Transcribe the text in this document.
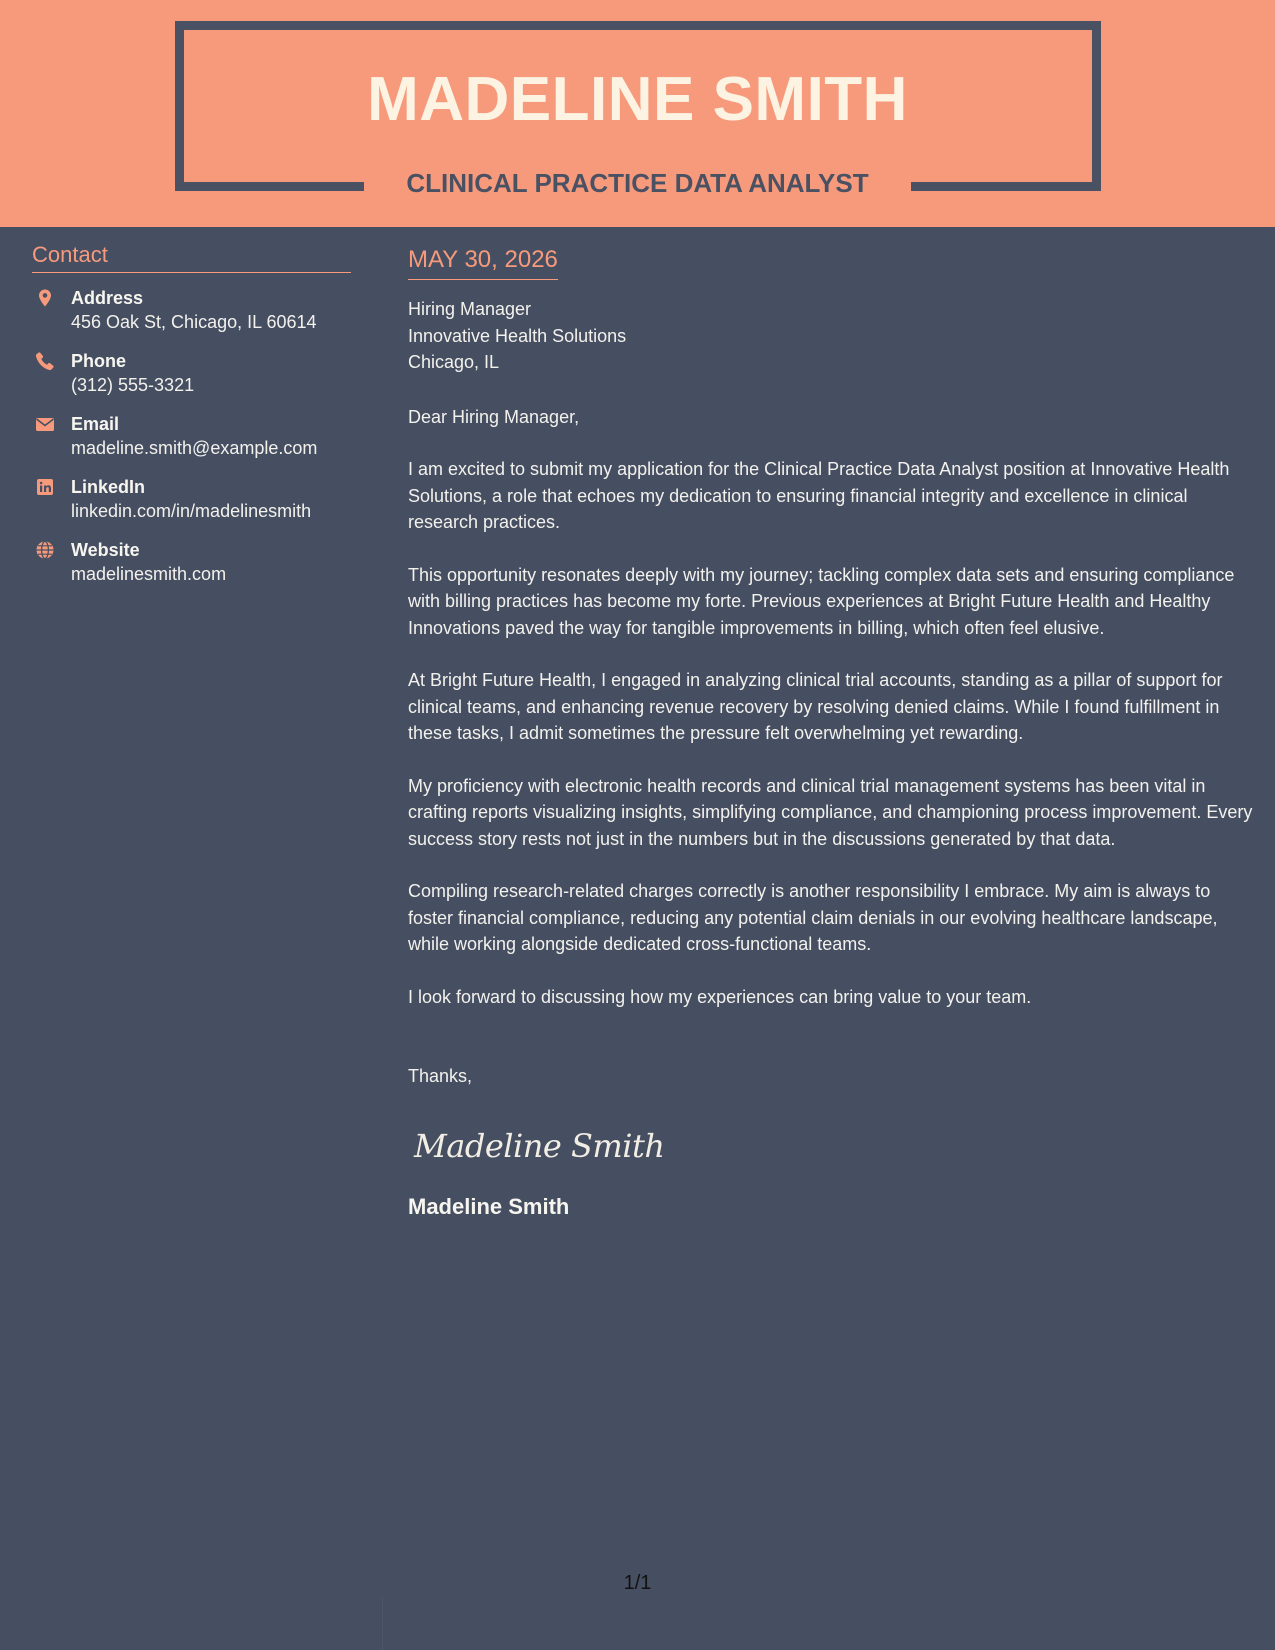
MADELINE SMITH
CLINICAL PRACTICE DATA ANALYST
Contact
Address
456 Oak St, Chicago, IL 60614
Phone
(312) 555-3321
Email
madeline.smith@example.com
LinkedIn
linkedin.com/in/madelinesmith
Website
madelinesmith.com
MAY 30, 2026
Hiring Manager
Innovative Health Solutions
Chicago, IL
Dear Hiring Manager,
I am excited to submit my application for the Clinical Practice Data Analyst position at Innovative Health Solutions, a role that echoes my dedication to ensuring financial integrity and excellence in clinical research practices.
This opportunity resonates deeply with my journey; tackling complex data sets and ensuring compliance with billing practices has become my forte. Previous experiences at Bright Future Health and Healthy Innovations paved the way for tangible improvements in billing, which often feel elusive.
At Bright Future Health, I engaged in analyzing clinical trial accounts, standing as a pillar of support for clinical teams, and enhancing revenue recovery by resolving denied claims. While I found fulfillment in these tasks, I admit sometimes the pressure felt overwhelming yet rewarding.
My proficiency with electronic health records and clinical trial management systems has been vital in crafting reports visualizing insights, simplifying compliance, and championing process improvement. Every success story rests not just in the numbers but in the discussions generated by that data.
Compiling research-related charges correctly is another responsibility I embrace. My aim is always to foster financial compliance, reducing any potential claim denials in our evolving healthcare landscape, while working alongside dedicated cross-functional teams.
I look forward to discussing how my experiences can bring value to your team.
Thanks,
Madeline Smith
Madeline Smith
1/1
